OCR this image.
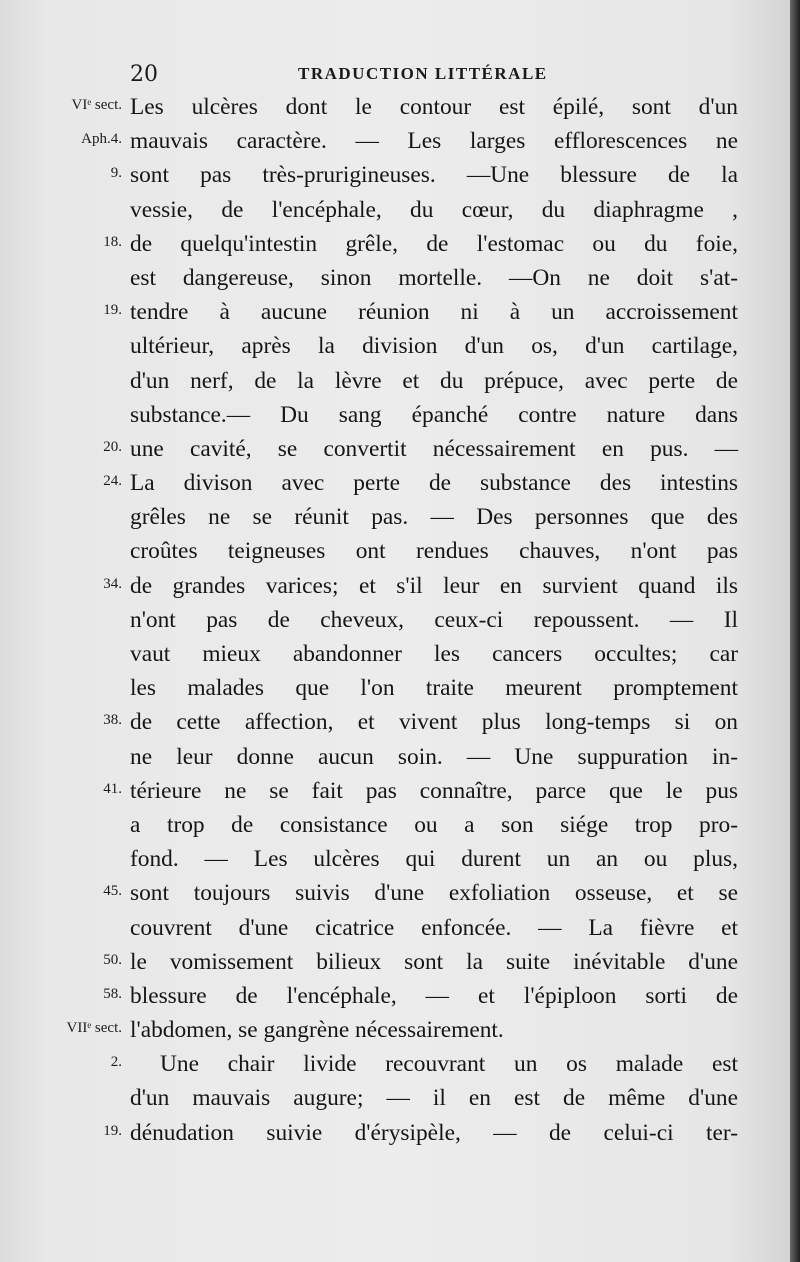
20	TRADUCTION LITTÉRALE
VIᵉ sect. Les ulcères dont le contour est épilé, sont d'un
Aph.4. mauvais caractère. — Les larges efflorescences ne
9. sont pas très-prurigineuses. —Une blessure de la
vessie, de l'encéphale, du cœur, du diaphragme ,
18. de quelqu'intestin grêle, de l'estomac ou du foie,
est dangereuse, sinon mortelle. —On ne doit s'at-
19. tendre à aucune réunion ni à un accroissement
ultérieur, après la division d'un os, d'un cartilage,
d'un nerf, de la lèvre et du prépuce, avec perte de
substance.— Du sang épanché contre nature dans
20. une cavité, se convertit nécessairement en pus. —
24. La divison avec perte de substance des intestins
grêles ne se réunit pas. — Des personnes que des
croûtes teigneuses ont rendues chauves, n'ont pas
34. de grandes varices; et s'il leur en survient quand ils
n'ont pas de cheveux, ceux-ci repoussent. — Il
vaut mieux abandonner les cancers occultes; car
les malades que l'on traite meurent promptement
38. de cette affection, et vivent plus long-temps si on
ne leur donne aucun soin. — Une suppuration in-
41. térieure ne se fait pas connaître, parce que le pus
a trop de consistance ou a son siége trop pro-
fond. — Les ulcères qui durent un an ou plus,
45. sont toujours suivis d'une exfoliation osseuse, et se
couvrent d'une cicatrice enfoncée. — La fièvre et
50. le vomissement bilieux sont la suite inévitable d'une
58. blessure de l'encéphale, — et l'épiploon sorti de
VIIᵉ sect. l'abdomen, se gangrène nécessairement.
2.	Une chair livide recouvrant un os malade est
d'un mauvais augure; — il en est de même d'une
19. dénudation suivie d'érysipèle, — de celui-ci ter-
